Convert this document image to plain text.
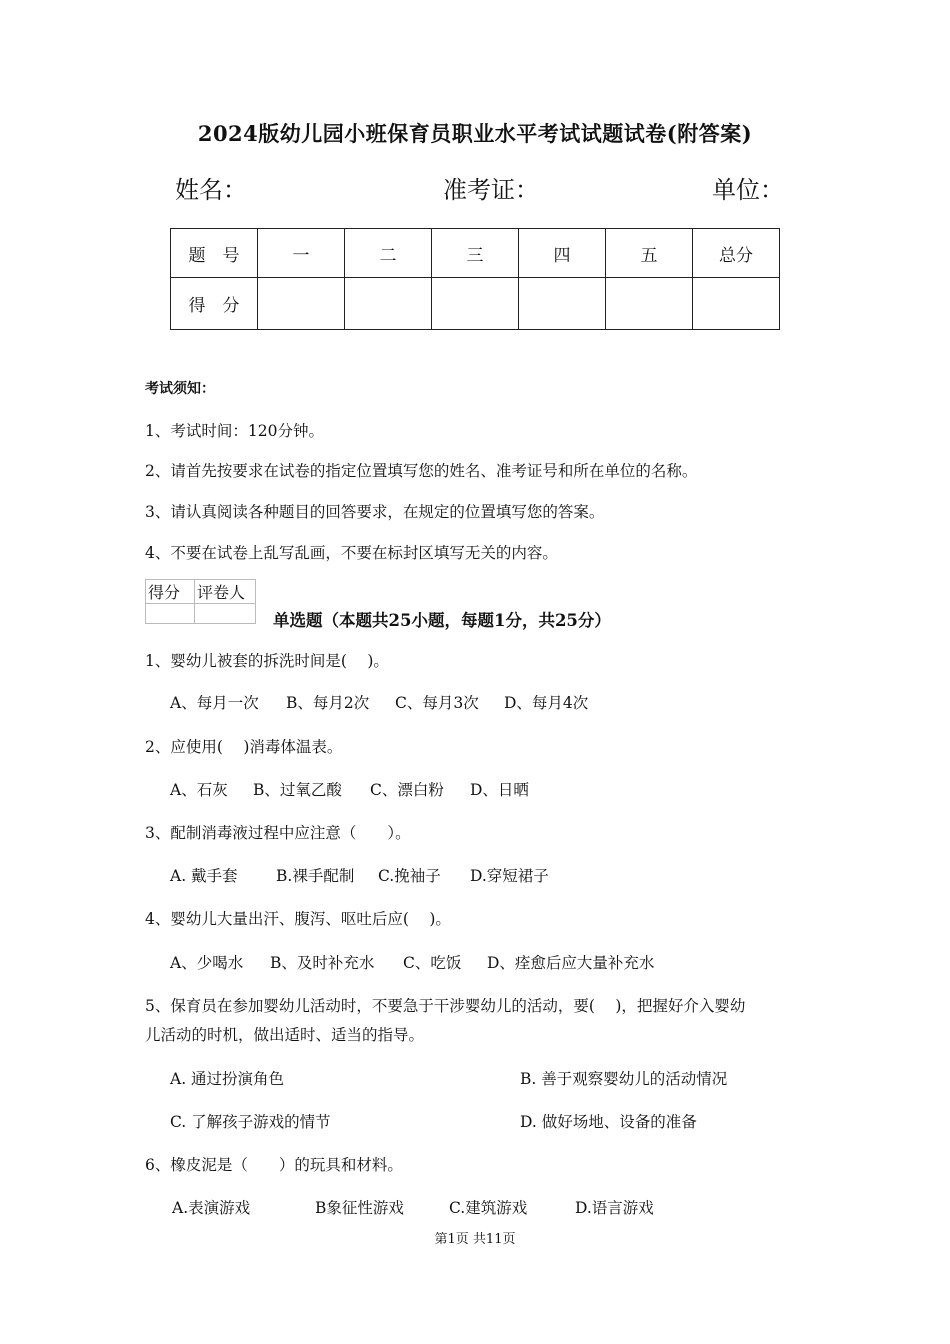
2024版幼儿园小班保育员职业水平考试试题试卷(附答案)
姓名：	准考证：	单位：
题　号	一	二	三	四	五	总分
得　分						
考试须知：
1、考试时间：120分钟。
2、请首先按要求在试卷的指定位置填写您的姓名、准考证号和所在单位的名称。
3、请认真阅读各种题目的回答要求，在规定的位置填写您的答案。
4、不要在试卷上乱写乱画，不要在标封区填写无关的内容。
得分	评卷人

单选题（本题共25小题，每题1分，共25分）
1、婴幼儿被套的拆洗时间是(　 )。
A、每月一次 B、每月2次 C、每月3次 D、每月4次
2、应使用(　 )消毒体温表。
A、石灰 B、过氧乙酸 C、漂白粉 D、日晒
3、配制消毒液过程中应注意（　　）。
A. 戴手套 B.裸手配制 C.挽袖子 D.穿短裙子
4、婴幼儿大量出汗、腹泻、呕吐后应(　 )。
A、少喝水 B、及时补充水 C、吃饭 D、痊愈后应大量补充水
5、保育员在参加婴幼儿活动时，不要急于干涉婴幼儿的活动，要(　 )，把握好介入婴幼
儿活动的时机，做出适时、适当的指导。
A. 通过扮演角色	B. 善于观察婴幼儿的活动情况
C. 了解孩子游戏的情节	D. 做好场地、设备的准备
6、橡皮泥是（　　）的玩具和材料。
A.表演游戏	B象征性游戏	C.建筑游戏	D.语言游戏
第1页 共11页
